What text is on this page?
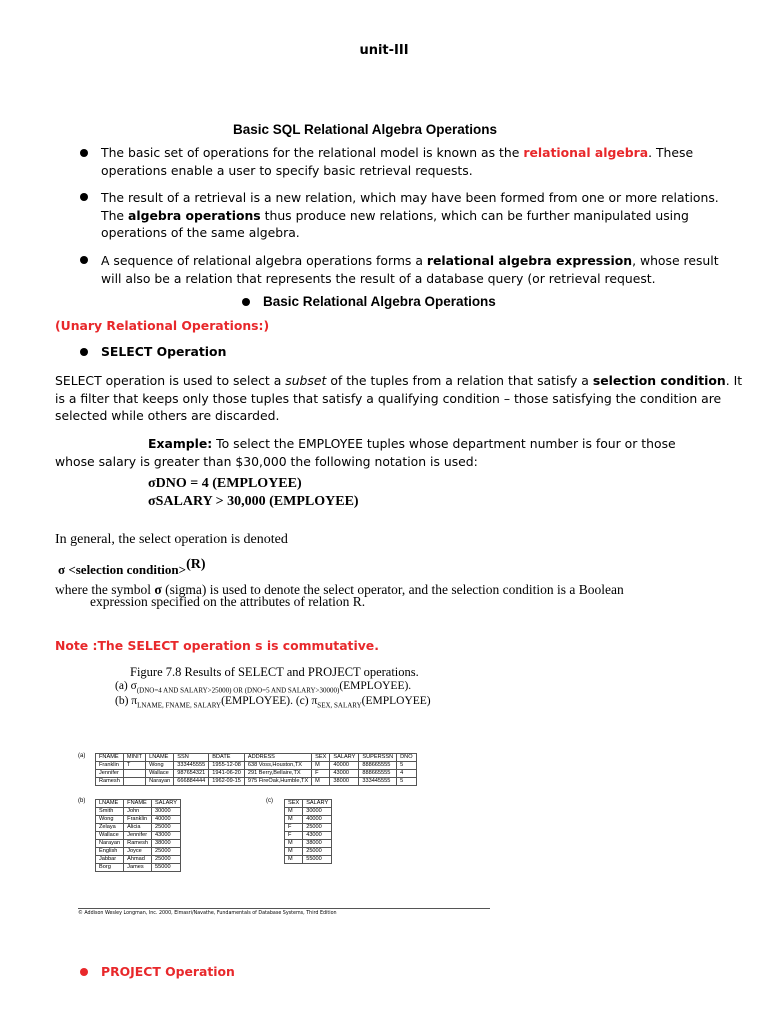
unit-III
Basic SQL Relational Algebra Operations
The basic set of operations for the relational model is known as the relational algebra. These
operations enable a user to specify basic retrieval requests.
The result of a retrieval is a new relation, which may have been formed from one or more relations.
The algebra operations thus produce new relations, which can be further manipulated using
operations of the same algebra.
A sequence of relational algebra operations forms a relational algebra expression, whose result
will also be a relation that represents the result of a database query (or retrieval request.
Basic Relational Algebra Operations
(Unary Relational Operations:)
SELECT Operation
SELECT operation is used to select a subset of the tuples from a relation that satisfy a selection condition. It
is a filter that keeps only those tuples that satisfy a qualifying condition – those satisfying the condition are
selected while others are discarded.
Example: To select the EMPLOYEE tuples whose department number is four or those
whose salary is greater than $30,000 the following notation is used:
σDNO = 4 (EMPLOYEE)
σSALARY > 30,000 (EMPLOYEE)
In general, the select operation is denoted
σ <selection condition>(R)
where the symbol σ (sigma) is used to denote the select operator, and the selection condition is a Boolean
expression specified on the attributes of relation R.
Note :The SELECT operation s is commutative.
Figure 7.8 Results of SELECT and PROJECT operations.
(a) $\sigma_{(DNO=4 AND SALARY>25000) OR (DNO=5 AND SALARY>30000)}(EMPLOYEE)$.
(b) $\pi_{LNAME, FNAME, SALARY}(EMPLOYEE)$. (c) $\pi_{SEX, SALARY}(EMPLOYEE)$
(a) FNAME	MINIT	LNAME	SSN	BDATE	ADDRESS	SEX	SALARY	SUPERSSN	DNO
Franklin	T	Wong	333445555	1955-12-08	638 Voss,Houston,TX	M	40000	888665555	5
Jennifer		Wallace	987654321	1941-06-20	291 Berry,Bellaire,TX	F	43000	888665555	4
Ramesh		Narayan	666884444	1962-09-15	975 FireOak,Humble,TX	M	38000	333445555	5
(b) LNAME	FNAME	SALARY
Smith	John	30000
Wong	Franklin	40000
Zelaya	Alicia	25000
Wallace	Jennifer	43000
Narayan	Ramesh	38000
English	Joyce	25000
Jabbar	Ahmad	25000
Borg	James	55000
(c)	SEX	SALARY
M	30000
M	40000
F	25000
F	43000
M	38000
M	25000
M	55000
© Addison Wesley Longman, Inc. 2000, Elmasri/Navathe, Fundamentals of Database Systems, Third Edition
PROJECT Operation
